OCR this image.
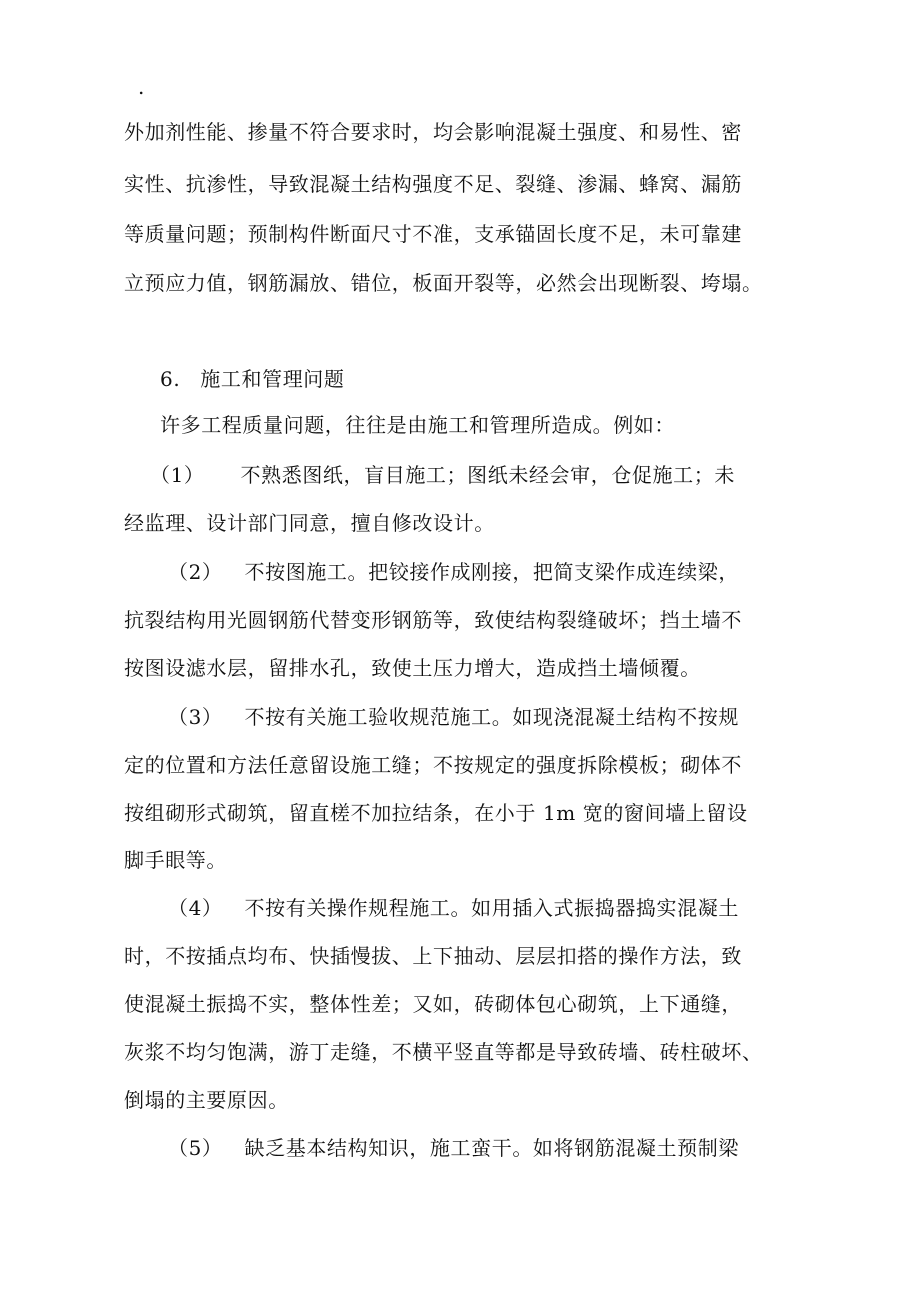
.
外加剂性能、掺量不符合要求时，均会影响混凝土强度、和易性、密
实性、抗渗性，导致混凝土结构强度不足、裂缝、渗漏、蜂窝、漏筋
等质量问题；预制构件断面尺寸不准，支承锚固长度不足，未可靠建
立预应力值，钢筋漏放、错位，板面开裂等，必然会出现断裂、垮塌。
6. 施工和管理问题
许多工程质量问题，往往是由施工和管理所造成。例如：
（1） 不熟悉图纸，盲目施工；图纸未经会审，仓促施工；未
经监理、设计部门同意，擅自修改设计。
（2） 不按图施工。把铰接作成刚接，把简支梁作成连续梁，
抗裂结构用光圆钢筋代替变形钢筋等，致使结构裂缝破坏；挡土墙不
按图设滤水层，留排水孔，致使土压力增大，造成挡土墙倾覆。
（3） 不按有关施工验收规范施工。如现浇混凝土结构不按规
定的位置和方法任意留设施工缝；不按规定的强度拆除模板；砌体不
按组砌形式砌筑，留直槎不加拉结条，在小于 1m 宽的窗间墙上留设
脚手眼等。
（4） 不按有关操作规程施工。如用插入式振捣器捣实混凝土
时，不按插点均布、快插慢拔、上下抽动、层层扣搭的操作方法，致
使混凝土振捣不实，整体性差；又如，砖砌体包心砌筑，上下通缝，
灰浆不均匀饱满，游丁走缝，不横平竖直等都是导致砖墙、砖柱破坏、
倒塌的主要原因。
（5） 缺乏基本结构知识，施工蛮干。如将钢筋混凝土预制梁
